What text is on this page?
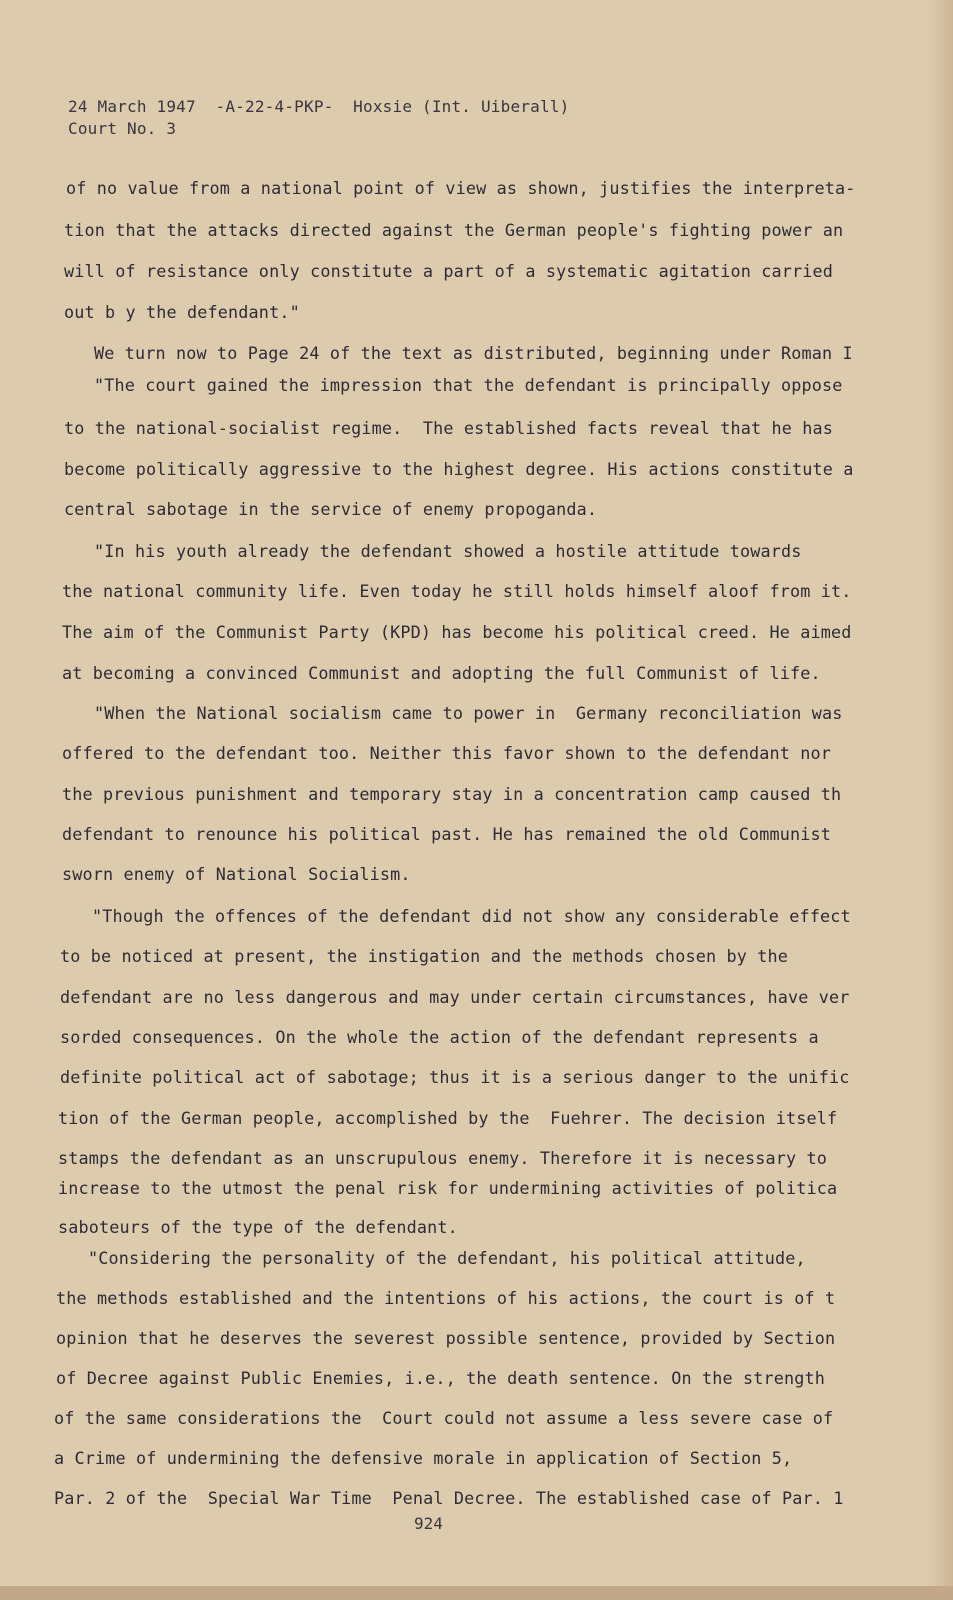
24 March 1947  -A-22-4-PKP-  Hoxsie (Int. Uiberall)
Court No. 3
of no value from a national point of view as shown, justifies the interpreta-
tion that the attacks directed against the German people's fighting power an
will of resistance only constitute a part of a systematic agitation carried
out b y the defendant."
We turn now to Page 24 of the text as distributed, beginning under Roman I
"The court gained the impression that the defendant is principally oppose
to the national-socialist regime.  The established facts reveal that he has
become politically aggressive to the highest degree. His actions constitute a
central sabotage in the service of enemy propoganda.
"In his youth already the defendant showed a hostile attitude towards
the national community life. Even today he still holds himself aloof from it.
The aim of the Communist Party (KPD) has become his political creed. He aimed
at becoming a convinced Communist and adopting the full Communist of life.
"When the National socialism came to power in  Germany reconciliation was
offered to the defendant too. Neither this favor shown to the defendant nor
the previous punishment and temporary stay in a concentration camp caused th
defendant to renounce his political past. He has remained the old Communist
sworn enemy of National Socialism.
"Though the offences of the defendant did not show any considerable effect
to be noticed at present, the instigation and the methods chosen by the
defendant are no less dangerous and may under certain circumstances, have ver
sorded consequences. On the whole the action of the defendant represents a
definite political act of sabotage; thus it is a serious danger to the unific
tion of the German people, accomplished by the  Fuehrer. The decision itself
stamps the defendant as an unscrupulous enemy. Therefore it is necessary to
increase to the utmost the penal risk for undermining activities of politica
saboteurs of the type of the defendant.
"Considering the personality of the defendant, his political attitude,
the methods established and the intentions of his actions, the court is of t
opinion that he deserves the severest possible sentence, provided by Section
of Decree against Public Enemies, i.e., the death sentence. On the strength
of the same considerations the  Court could not assume a less severe case of
a Crime of undermining the defensive morale in application of Section 5,
Par. 2 of the  Special War Time  Penal Decree. The established case of Par. 1
924
